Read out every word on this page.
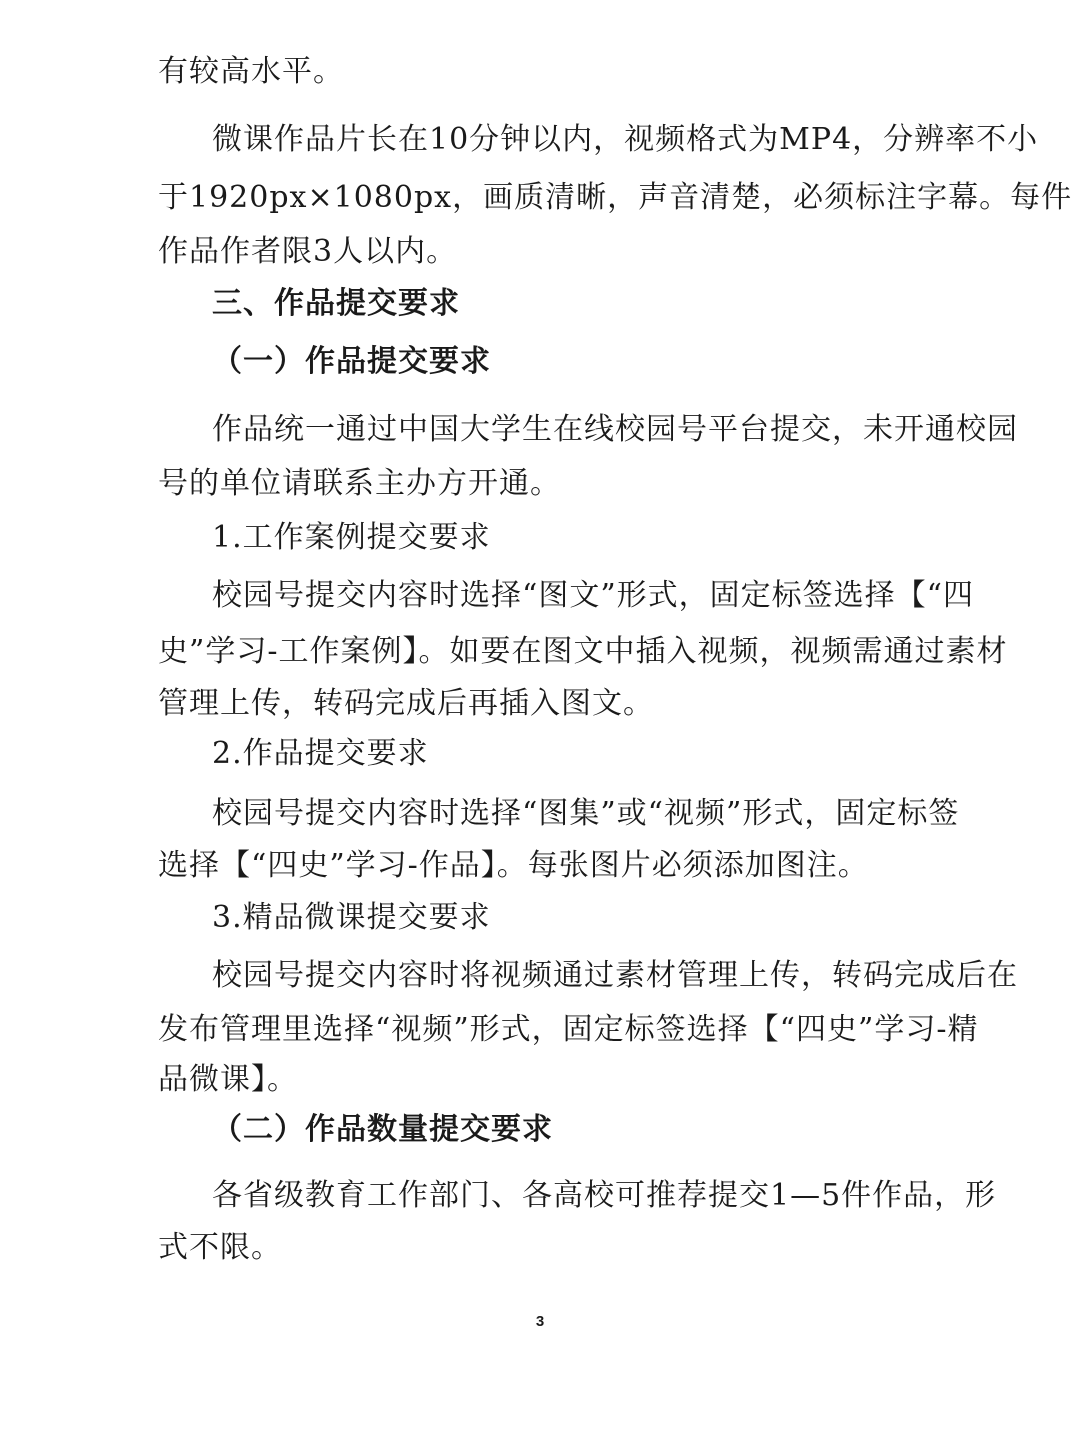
有较高水平。
微课作品片长在10分钟以内，视频格式为MP4，分辨率不小
于1920px×1080px，画质清晰，声音清楚，必须标注字幕。每件
作品作者限3人以内。
三、作品提交要求
（一）作品提交要求
作品统一通过中国大学生在线校园号平台提交，未开通校园
号的单位请联系主办方开通。
1.工作案例提交要求
校园号提交内容时选择“图文”形式，固定标签选择【“四
史”学习-工作案例】。如要在图文中插入视频，视频需通过素材
管理上传，转码完成后再插入图文。
2.作品提交要求
校园号提交内容时选择“图集”或“视频”形式，固定标签
选择【“四史”学习-作品】。每张图片必须添加图注。
3.精品微课提交要求
校园号提交内容时将视频通过素材管理上传，转码完成后在
发布管理里选择“视频”形式，固定标签选择【“四史”学习-精
品微课】。
（二）作品数量提交要求
各省级教育工作部门、各高校可推荐提交1—5件作品，形
式不限。
3
